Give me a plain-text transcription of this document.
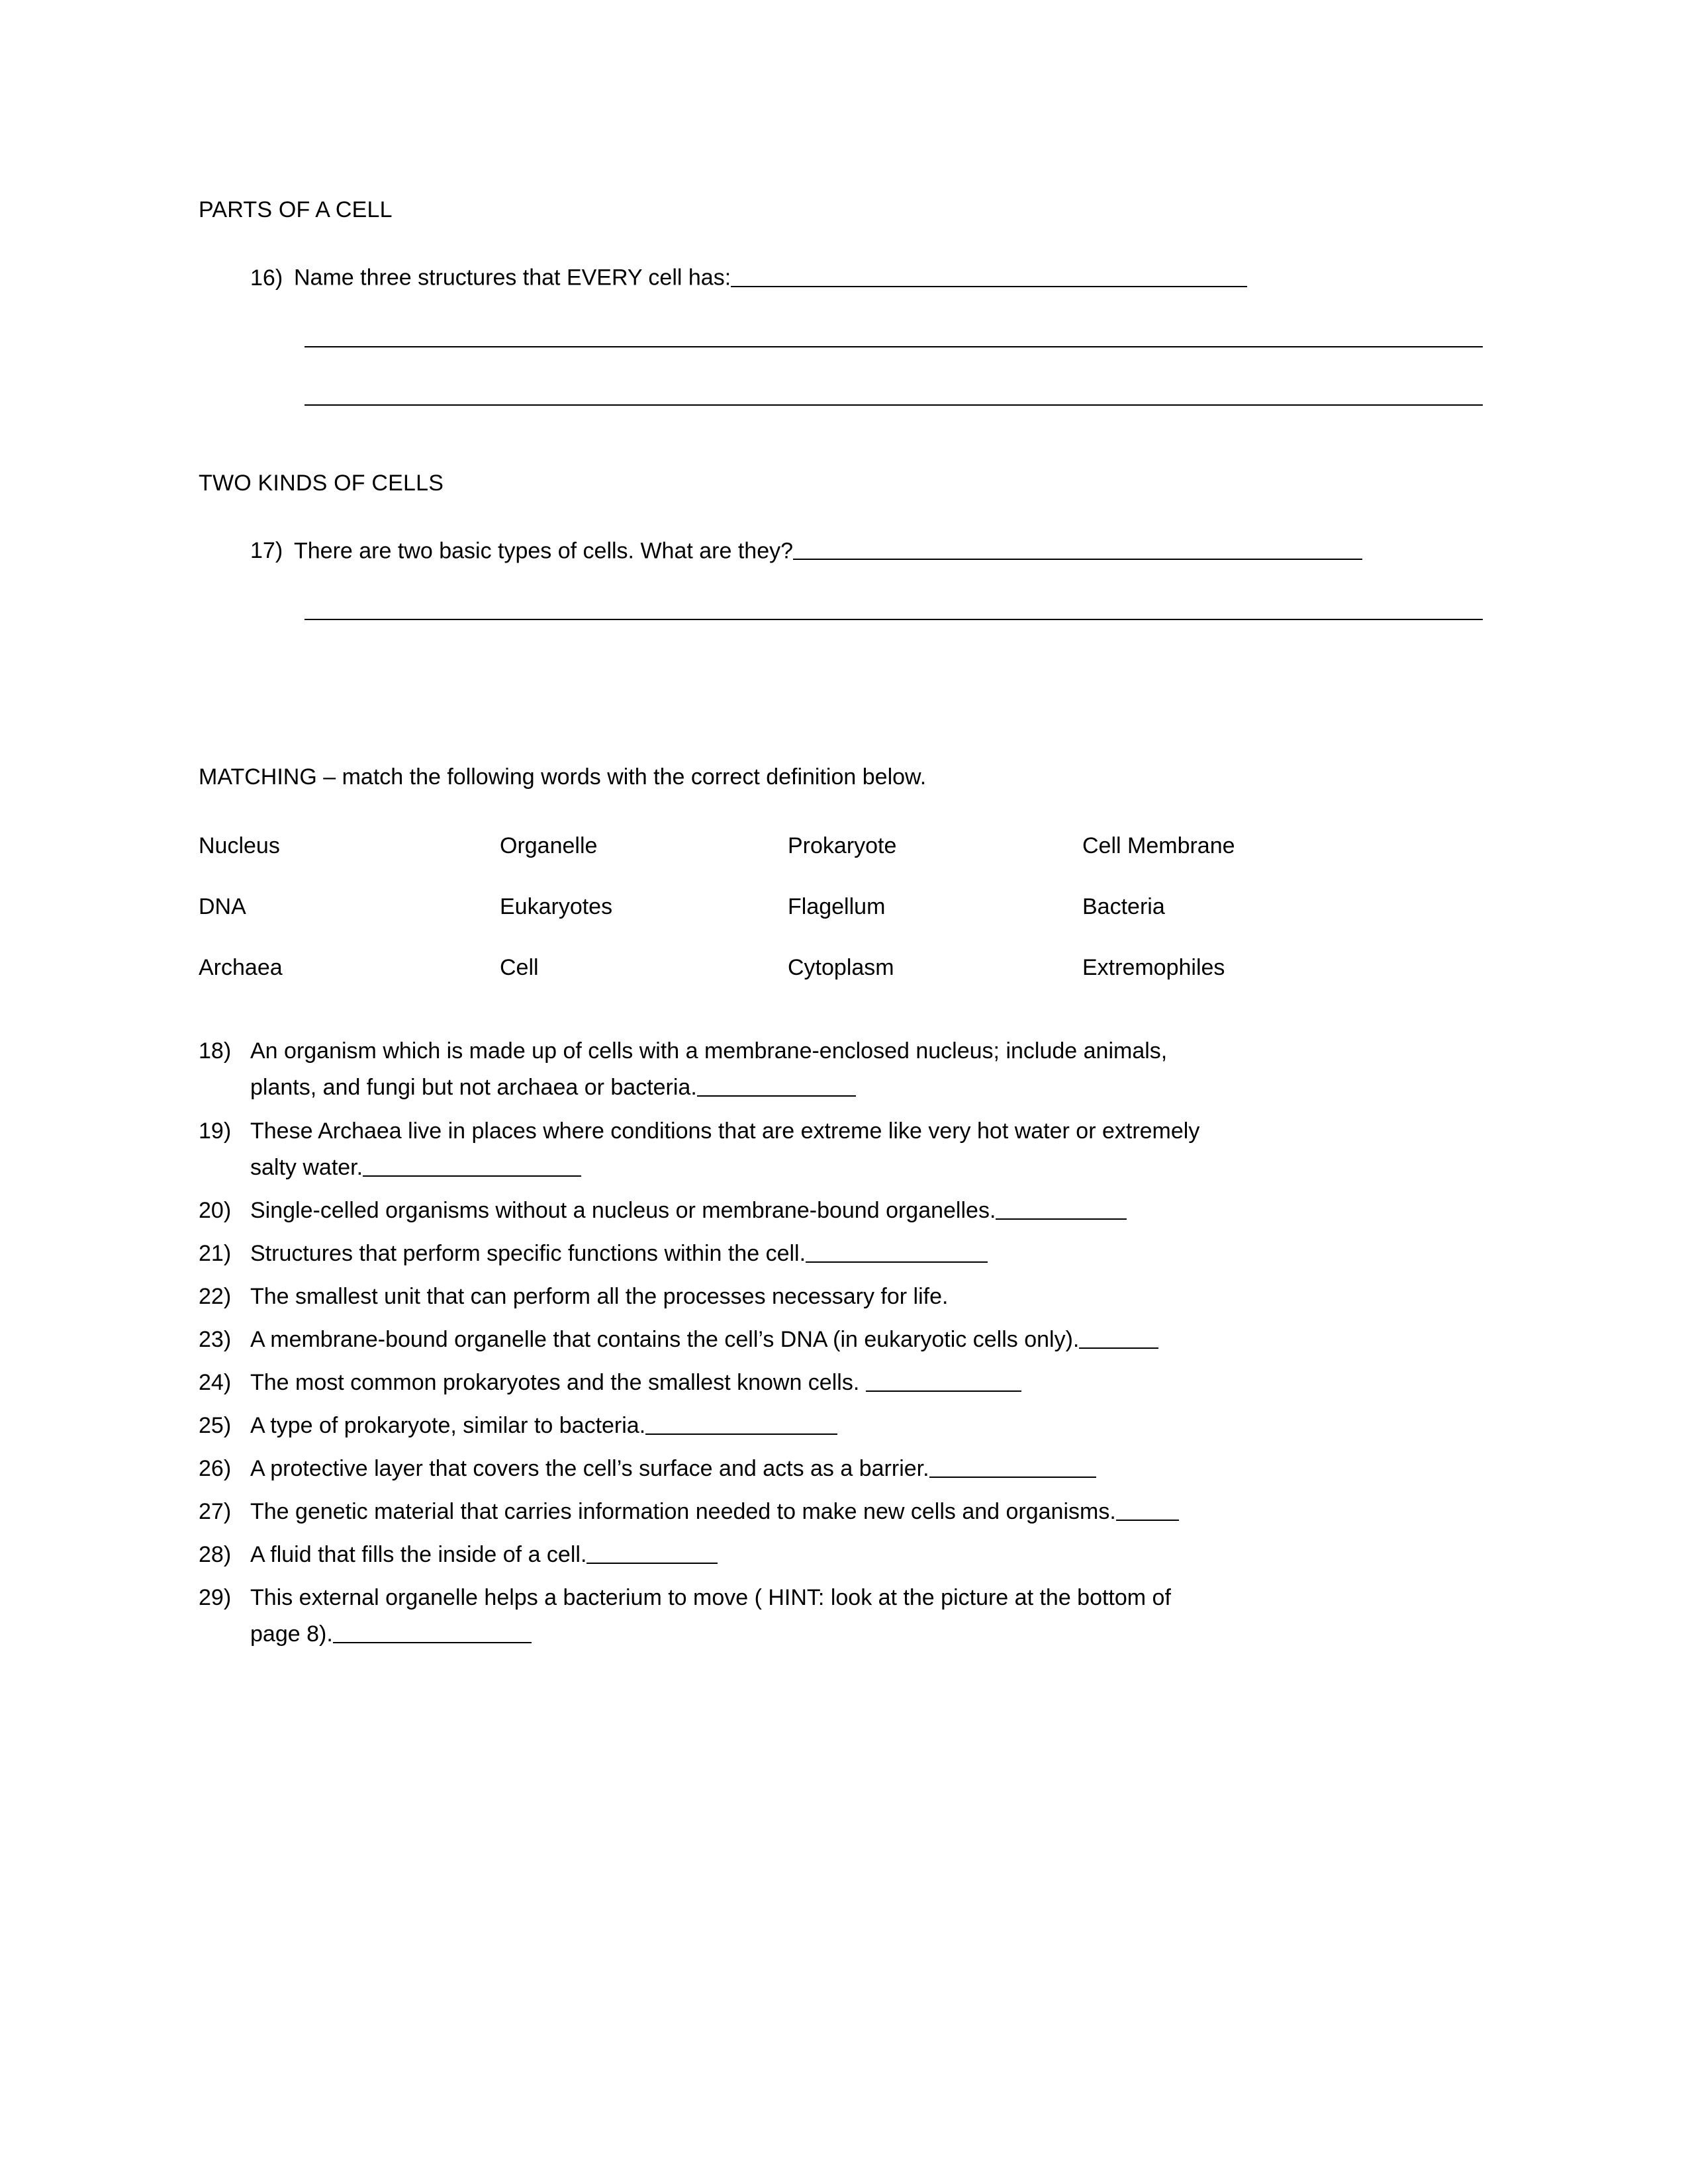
PARTS OF A CELL
16) Name three structures that EVERY cell has:
TWO KINDS OF CELLS
17) There are two basic types of cells. What are they?
MATCHING – match the following words with the correct definition below.
Nucleus	Organelle	Prokaryote	Cell Membrane
DNA	Eukaryotes	Flagellum	Bacteria
Archaea	Cell	Cytoplasm	Extremophiles
18) An organism which is made up of cells with a membrane-enclosed nucleus; include animals,
plants, and fungi but not archaea or bacteria.
19) These Archaea live in places where conditions that are extreme like very hot water or extremely
salty water.
20) Single-celled organisms without a nucleus or membrane-bound organelles.
21) Structures that perform specific functions within the cell.
22) The smallest unit that can perform all the processes necessary for life.
23) A membrane-bound organelle that contains the cell’s DNA (in eukaryotic cells only).
24) The most common prokaryotes and the smallest known cells.
25) A type of prokaryote, similar to bacteria.
26) A protective layer that covers the cell’s surface and acts as a barrier.
27) The genetic material that carries information needed to make new cells and organisms.
28) A fluid that fills the inside of a cell.
29) This external organelle helps a bacterium to move ( HINT: look at the picture at the bottom of
page 8).
